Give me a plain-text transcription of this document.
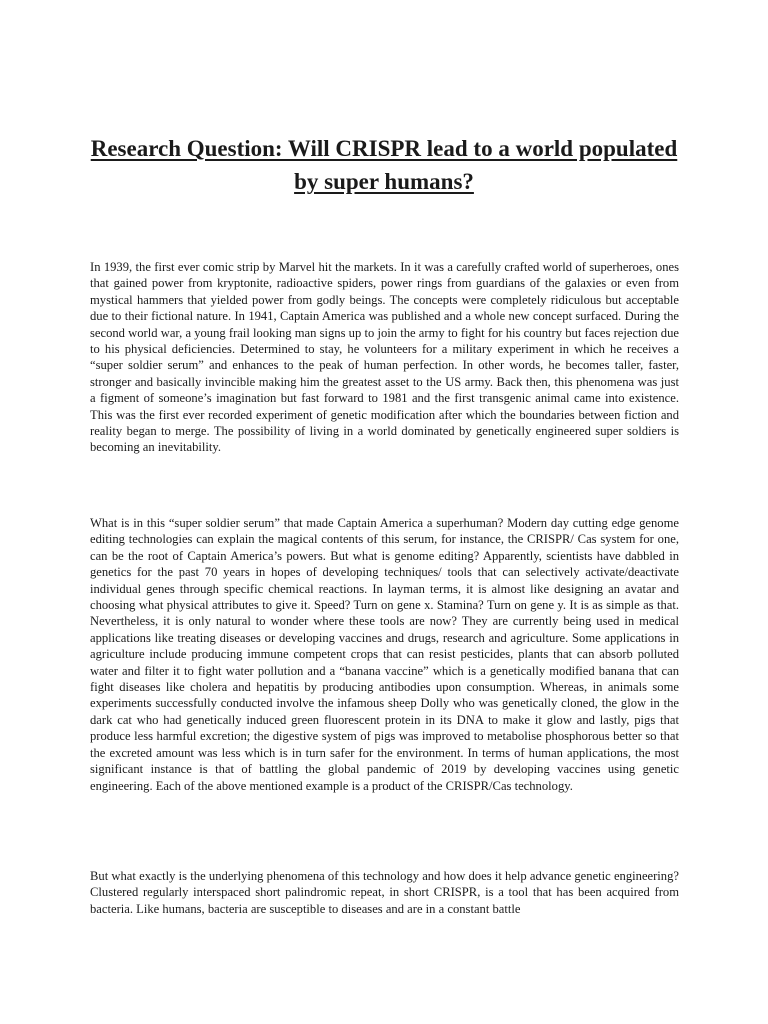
Research Question: Will CRISPR lead to a world populated by super humans?

In 1939, the first ever comic strip by Marvel hit the markets. In it was a carefully crafted world of superheroes, ones that gained power from kryptonite, radioactive spiders, power rings from guardians of the galaxies or even from mystical hammers that yielded power from godly beings. The concepts were completely ridiculous but acceptable due to their fictional nature. In 1941, Captain America was published and a whole new concept surfaced. During the second world war, a young frail looking man signs up to join the army to fight for his country but faces rejection due to his physical deficiencies. Determined to stay, he volunteers for a military experiment in which he receives a “super soldier serum” and enhances to the peak of human perfection. In other words, he becomes taller, faster, stronger and basically invincible making him the greatest asset to the US army. Back then, this phenomena was just a figment of someone’s imagination but fast forward to 1981 and the first transgenic animal came into existence. This was the first ever recorded experiment of genetic modification after which the boundaries between fiction and reality began to merge. The possibility of living in a world dominated by genetically engineered super soldiers is becoming an inevitability.

What is in this “super soldier serum” that made Captain America a superhuman? Modern day cutting edge genome editing technologies can explain the magical contents of this serum, for instance, the CRISPR/ Cas system for one, can be the root of Captain America’s powers. But what is genome editing? Apparently, scientists have dabbled in genetics for the past 70 years in hopes of developing techniques/ tools that can selectively activate/deactivate individual genes through specific chemical reactions. In layman terms, it is almost like designing an avatar and choosing what physical attributes to give it. Speed? Turn on gene x. Stamina? Turn on gene y. It is as simple as that. Nevertheless, it is only natural to wonder where these tools are now? They are currently being used in medical applications like treating diseases or developing vaccines and drugs, research and agriculture. Some applications in agriculture include producing immune competent crops that can resist pesticides, plants that can absorb polluted water and filter it to fight water pollution and a “banana vaccine” which is a genetically modified banana that can fight diseases like cholera and hepatitis by producing antibodies upon consumption. Whereas, in animals some experiments successfully conducted involve the infamous sheep Dolly who was genetically cloned, the glow in the dark cat who had genetically induced green fluorescent protein in its DNA to make it glow and lastly, pigs that produce less harmful excretion; the digestive system of pigs was improved to metabolise phosphorous better so that the excreted amount was less which is in turn safer for the environment. In terms of human applications, the most significant instance is that of battling the global pandemic of 2019 by developing vaccines using genetic engineering. Each of the above mentioned example is a product of the CRISPR/Cas technology.

But what exactly is the underlying phenomena of this technology and how does it help advance genetic engineering? Clustered regularly interspaced short palindromic repeat, in short CRISPR, is a tool that has been acquired from bacteria. Like humans, bacteria are susceptible to diseases and are in a constant battle
